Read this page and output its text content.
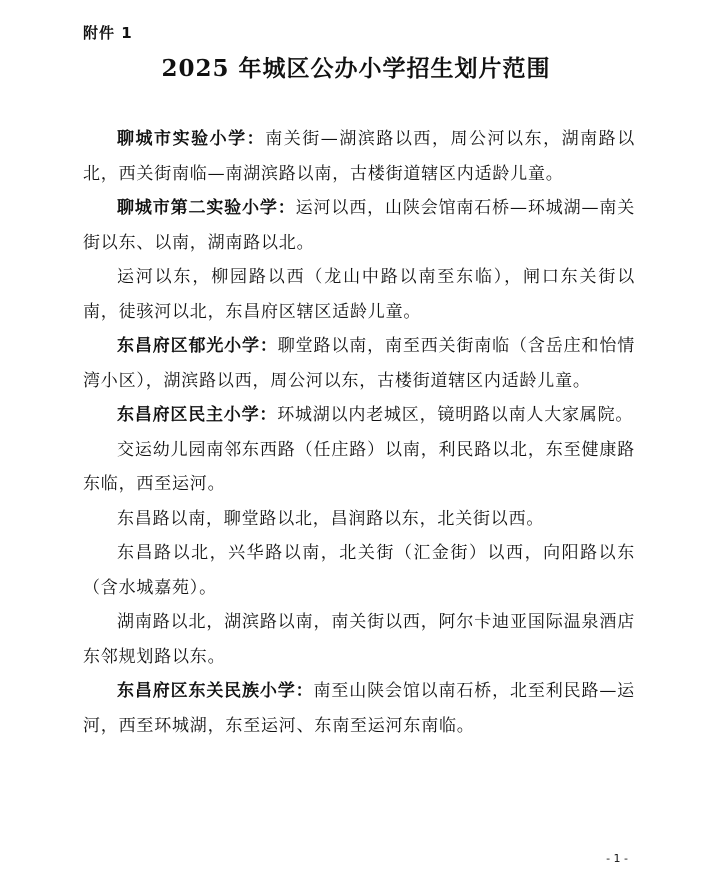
附件 1
2025 年城区公办小学招生划片范围

聊城市实验小学：南关街—湖滨路以西，周公河以东，湖南路以北，西关街南临—南湖滨路以南，古楼街道辖区内适龄儿童。

聊城市第二实验小学：运河以西，山陕会馆南石桥—环城湖—南关街以东、以南，湖南路以北。

运河以东，柳园路以西（龙山中路以南至东临），闸口东关街以南，徒骇河以北，东昌府区辖区适龄儿童。

东昌府区郁光小学：聊堂路以南，南至西关街南临（含岳庄和怡情湾小区），湖滨路以西，周公河以东，古楼街道辖区内适龄儿童。

东昌府区民主小学：环城湖以内老城区，镜明路以南人大家属院。

交运幼儿园南邻东西路（任庄路）以南，利民路以北，东至健康路东临，西至运河。

东昌路以南，聊堂路以北，昌润路以东，北关街以西。

东昌路以北，兴华路以南，北关街（汇金街）以西，向阳路以东（含水城嘉苑）。

湖南路以北，湖滨路以南，南关街以西，阿尔卡迪亚国际温泉酒店东邻规划路以东。

东昌府区东关民族小学：南至山陕会馆以南石桥，北至利民路—运河，西至环城湖，东至运河、东南至运河东南临。

- 1 -
